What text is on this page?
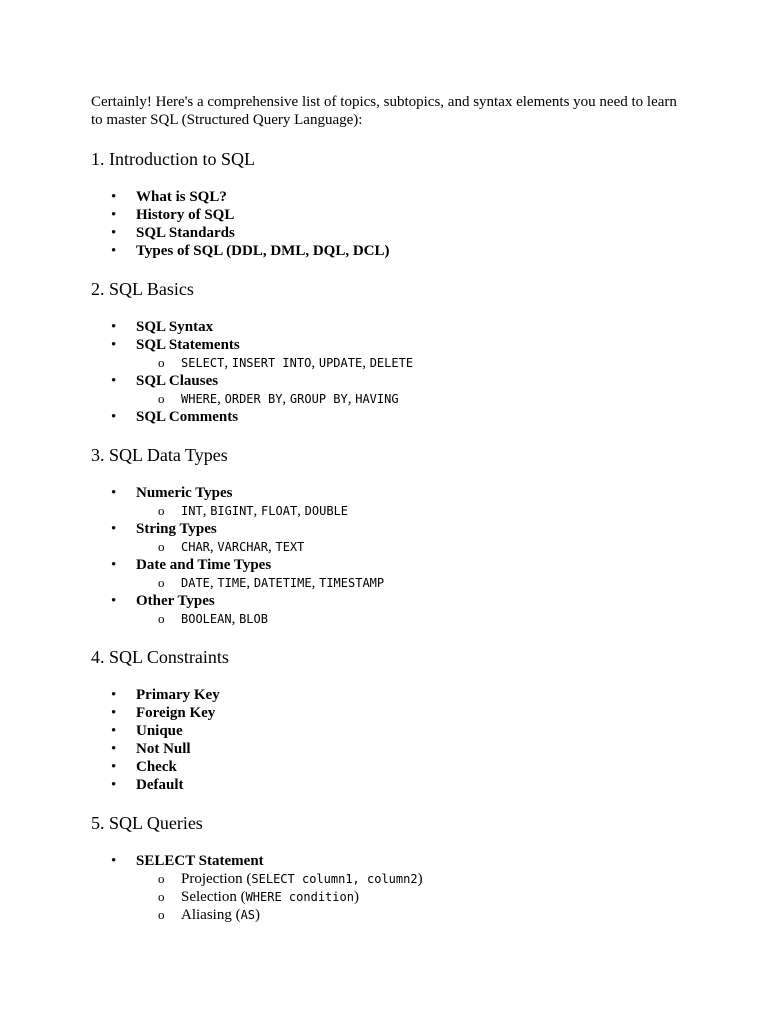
Certainly! Here's a comprehensive list of topics, subtopics, and syntax elements you need to learn to master SQL (Structured Query Language):

1. Introduction to SQL
• What is SQL?
• History of SQL
• SQL Standards
• Types of SQL (DDL, DML, DQL, DCL)
2. SQL Basics
• SQL Syntax
• SQL Statements
o SELECT, INSERT INTO, UPDATE, DELETE
• SQL Clauses
o WHERE, ORDER BY, GROUP BY, HAVING
• SQL Comments
3. SQL Data Types
• Numeric Types
o INT, BIGINT, FLOAT, DOUBLE
• String Types
o CHAR, VARCHAR, TEXT
• Date and Time Types
o DATE, TIME, DATETIME, TIMESTAMP
• Other Types
o BOOLEAN, BLOB
4. SQL Constraints
• Primary Key
• Foreign Key
• Unique
• Not Null
• Check
• Default
5. SQL Queries
• SELECT Statement
o Projection (SELECT column1, column2)
o Selection (WHERE condition)
o Aliasing (AS)
